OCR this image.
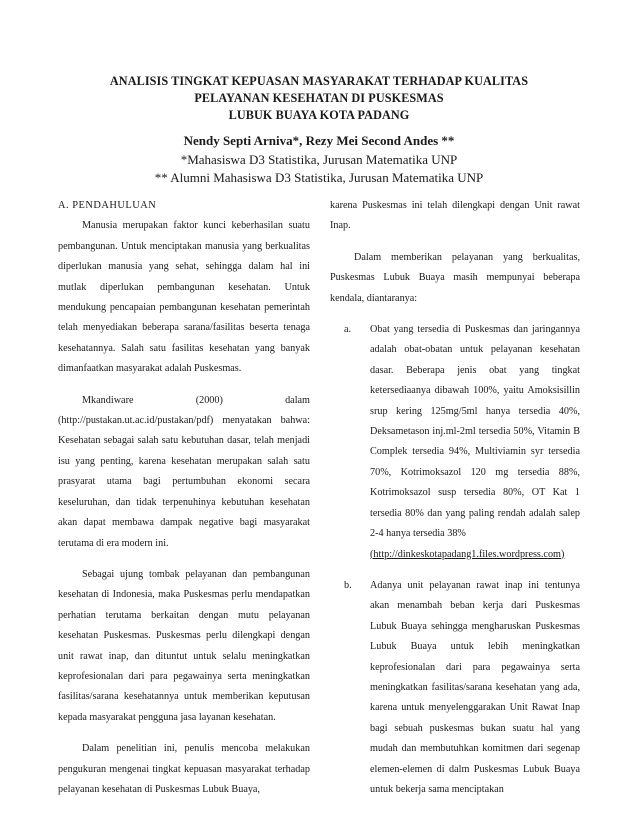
ANALISIS TINGKAT KEPUASAN MASYARAKAT TERHADAP KUALITAS
PELAYANAN KESEHATAN DI PUSKESMAS
LUBUK BUAYA KOTA PADANG
Nendy Septi Arniva*, Rezy Mei Second Andes **
*Mahasiswa D3 Statistika, Jurusan Matematika UNP
** Alumni Mahasiswa D3 Statistika, Jurusan Matematika UNP

A. PENDAHULUAN

Manusia merupakan faktor kunci keberhasilan suatu pembangunan. Untuk menciptakan manusia yang berkualitas diperlukan manusia yang sehat, sehingga dalam hal ini mutlak diperlukan pembangunan kesehatan. Untuk mendukung pencapaian pembangunan kesehatan pemerintah telah menyediakan beberapa sarana/fasilitas beserta tenaga kesehatannya. Salah satu fasilitas kesehatan yang banyak dimanfaatkan masyarakat adalah Puskesmas.

Mkandiware	(2000)	dalam

(http://pustakan.ut.ac.id/pustakan/pdf) menyatakan bahwa: Kesehatan sebagai salah satu kebutuhan dasar, telah menjadi isu yang penting, karena kesehatan merupakan salah satu prasyarat utama bagi pertumbuhan ekonomi secara keseluruhan, dan tidak terpenuhinya kebutuhan kesehatan akan dapat membawa dampak negative bagi masyarakat terutama di era modern ini.

Sebagai ujung tombak pelayanan dan pembangunan kesehatan di Indonesia, maka Puskesmas perlu mendapatkan perhatian terutama berkaitan dengan mutu pelayanan kesehatan Puskesmas. Puskesmas perlu dilengkapi dengan unit rawat inap, dan dituntut untuk selalu meningkatkan keprofesionalan dari para pegawainya serta meningkatkan fasilitas/sarana kesehatannya untuk memberikan keputusan kepada masyarakat pengguna jasa layanan kesehatan.

Dalam penelitian ini, penulis mencoba melakukan pengukuran mengenai tingkat kepuasan masyarakat terhadap pelayanan kesehatan di Puskesmas Lubuk Buaya,

karena Puskesmas ini telah dilengkapi dengan Unit rawat Inap.

Dalam memberikan pelayanan yang berkualitas, Puskesmas Lubuk Buaya masih mempunyai beberapa kendala, diantaranya:

a. Obat yang tersedia di Puskesmas dan jaringannya adalah obat-obatan untuk pelayanan kesehatan dasar. Beberapa jenis obat yang tingkat ketersediaanya dibawah 100%, yaitu Amoksisillin srup kering 125mg/5ml hanya tersedia 40%, Deksametason inj.ml-2ml tersedia 50%, Vitamin B Complek tersedia 94%, Multiviamin syr tersedia 70%, Kotrimoksazol 120 mg tersedia 88%, Kotrimoksazol susp tersedia 80%, OT Kat 1 tersedia 80% dan yang paling rendah adalah salep 2-4 hanya tersedia 38%
(http://dinkeskotapadang1.files.wordpress.com)
b. Adanya unit pelayanan rawat inap ini tentunya akan menambah beban kerja dari Puskesmas Lubuk Buaya sehingga mengharuskan Puskesmas Lubuk Buaya untuk lebih meningkatkan keprofesionalan dari para pegawainya serta meningkatkan fasilitas/sarana kesehatan yang ada, karena untuk menyelenggarakan Unit Rawat Inap bagi sebuah puskesmas bukan suatu hal yang mudah dan membutuhkan komitmen dari segenap elemen-elemen di dalm Puskesmas Lubuk Buaya untuk bekerja sama menciptakan
